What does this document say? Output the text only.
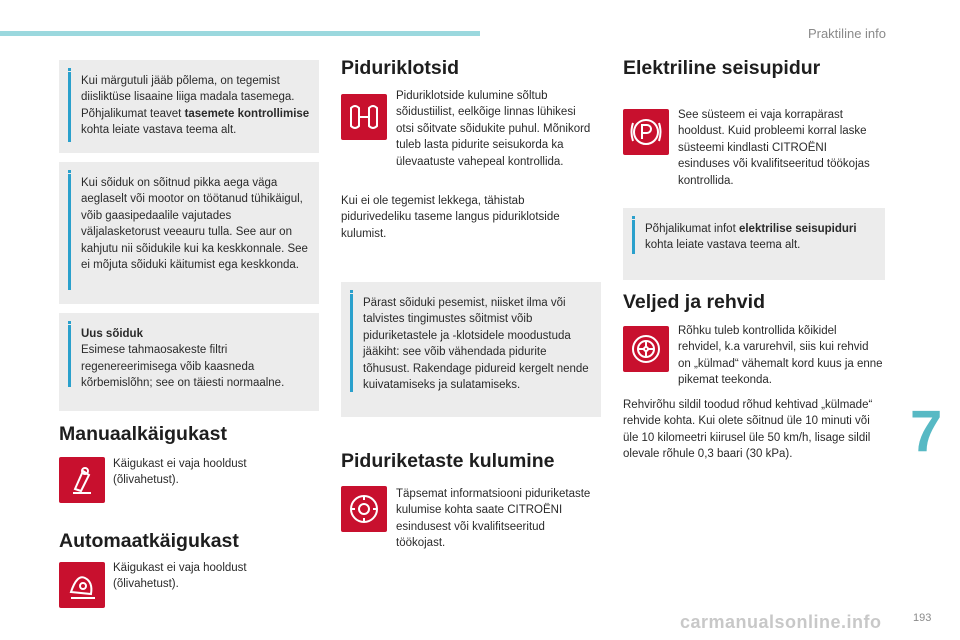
Praktiline info
Kui märgutuli jääb põlema, on tegemist diisliktüse lisaaine liiga madala tasemega. Põhjalikumat teavet tasemete kontrollimise kohta leiate vastava teema alt.
Kui sõiduk on sõitnud pikka aega väga aeglaselt või mootor on töötanud tühikäigul, võib gaasipedaalile vajutades väljalasketorust veeauru tulla. See aur on kahjutu nii sõidukile kui ka keskkonnale. See ei mõjuta sõiduki käitumist ega keskkonda.
Uus sõiduk
Esimese tahmaosakeste filtri regenereerimisega võib kaasneda kõrbemislõhn; see on täiesti normaalne.
Manuaalkäigukast
Käigukast ei vaja hooldust (õlivahetust).
Automaatkäigukast
Käigukast ei vaja hooldust (õlivahetust).
Piduriklotsid
Piduriklotside kulumine sõltub sõidustiilist, eelkõige linnas lühikesi otsi sõitvate sõidukite puhul. Mõnikord tuleb lasta pidurite seisukorda ka ülevaatuste vahepeal kontrollida.
Kui ei ole tegemist lekkega, tähistab pidurivedeliku taseme langus piduriklotside kulumist.
Pärast sõiduki pesemist, niisket ilma või talvistes tingimustes sõitmist võib piduriketastele ja -klotsidele moodustuda jääkiht: see võib vähendada pidurite tõhusust. Rakendage pidureid kergelt nende kuivatamiseks ja sulatamiseks.
Piduriketaste kulumine
Täpsemat informatsiooni piduriketaste kulumise kohta saate CITROËNI esindusest või kvalifitseeritud töökojast.
Elektriline seisupidur
See süsteem ei vaja korrapärast hooldust. Kuid probleemi korral laske süsteemi kindlasti CITROËNI esinduses või kvalifitseeritud töökojas kontrollida.
Põhjalikumat infot elektrilise seisupiduri kohta leiate vastava teema alt.
Veljed ja rehvid
Rõhku tuleb kontrollida kõikidel rehvidel, k.a varurehvil, siis kui rehvid on „külmad“ vähemalt kord kuus ja enne pikemat teekonda.
Rehvirõhu sildil toodud rõhud kehtivad „külmade“ rehvide kohta. Kui olete sõitnud üle 10 minuti või üle 10 kilomeetri kiirusel üle 50 km/h, lisage sildil olevale rõhule 0,3 baari (30 kPa).	7
carmanualsonline.info	193
